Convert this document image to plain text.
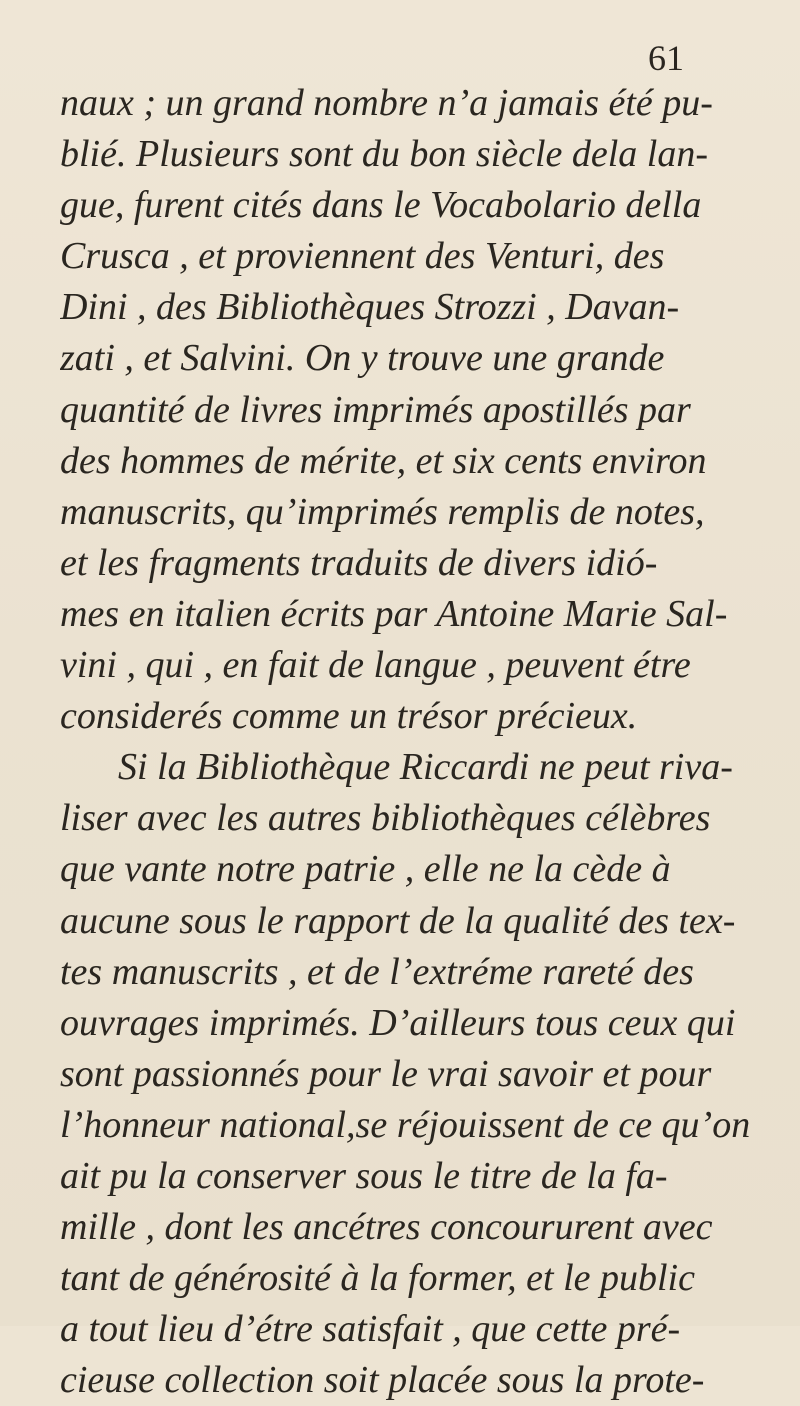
61
naux ; un grand nombre n’a jamais été pu-
blié. Plusieurs sont du bon siècle dela lan-
gue, furent cités dans le Vocabolario della
Crusca , et proviennent des Venturi, des
Dini , des Bibliothèques Strozzi , Davan-
zati , et Salvini. On y trouve une grande
quantité de livres imprimés apostillés par
des hommes de mérite, et six cents environ
manuscrits, qu’imprimés remplis de notes,
et les fragments traduits de divers idió-
mes en italien écrits par Antoine Marie Sal-
vini , qui , en fait de langue , peuvent étre
considerés comme un trésor précieux.
Si la Bibliothèque Riccardi ne peut riva-
liser avec les autres bibliothèques célèbres
que vante notre patrie , elle ne la cède à
aucune sous le rapport de la qualité des tex-
tes manuscrits , et de l’extréme rareté des
ouvrages imprimés. D’ailleurs tous ceux qui
sont passionnés pour le vrai savoir et pour
l’honneur national,se réjouissent de ce qu’on
ait pu la conserver sous le titre de la fa-
mille , dont les ancétres concoururent avec
tant de générosité à la former, et le public
a tout lieu d’étre satisfait , que cette pré-
cieuse collection soit placée sous la prote-
